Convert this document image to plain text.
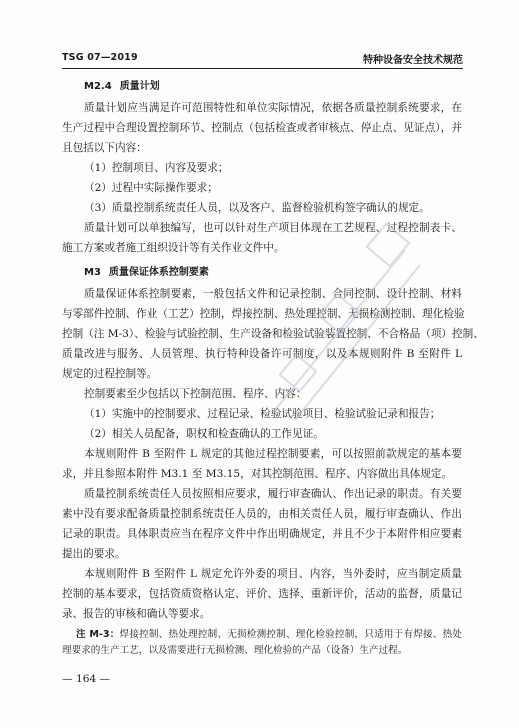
TSG 07—2019	特种设备安全技术规范
M2.4 质量计划
质量计划应当满足许可范围特性和单位实际情况，依据各质量控制系统要求，在
生产过程中合理设置控制环节、控制点（包括检查或者审核点、停止点、见证点），并
且包括以下内容：
（1）控制项目、内容及要求；
（2）过程中实际操作要求；
（3）质量控制系统责任人员，以及客户、监督检验机构签字确认的规定。
质量计划可以单独编写，也可以针对生产项目体现在工艺规程、过程控制表卡、
施工方案或者施工组织设计等有关作业文件中。
M3 质量保证体系控制要素
质量保证体系控制要素，一般包括文件和记录控制、合同控制、设计控制、材料
与零部件控制、作业（工艺）控制，焊接控制、热处理控制、无损检测控制、理化检验
控制（注 M-3）、检验与试验控制、生产设备和检验试验装置控制、不合格品（项）控制、
质量改进与服务、人员管理、执行特种设备许可制度，以及本规则附件 B 至附件 L
规定的过程控制等。
控制要素至少包括以下控制范围、程序、内容：
（1）实施中的控制要求、过程记录、检验试验项目、检验试验记录和报告；
（2）相关人员配备，职权和检查确认的工作见证。
本规则附件 B 至附件 L 规定的其他过程控制要素，可以按照前款规定的基本要
求，并且参照本附件 M3.1 至 M3.15，对其控制范围、程序、内容做出具体规定。
质量控制系统责任人员按照相应要求，履行审查确认、作出记录的职责。有关要
素中没有要求配备质量控制系统责任人员的，由相关责任人员，履行审查确认、作出
记录的职责。具体职责应当在程序文件中作出明确规定，并且不少于本附件相应要素
提出的要求。
本规则附件 B 至附件 L 规定允许外委的项目、内容，当外委时，应当制定质量
控制的基本要求，包括资质资格认定、评价、选择、重新评价，活动的监督，质量记
录、报告的审核和确认等要求。
注 M-3：焊接控制、热处理控制、无损检测控制、理化检验控制，只适用于有焊接、热处
理要求的生产工艺，以及需要进行无损检测、理化检验的产品（设备）生产过程。
— 164 —
